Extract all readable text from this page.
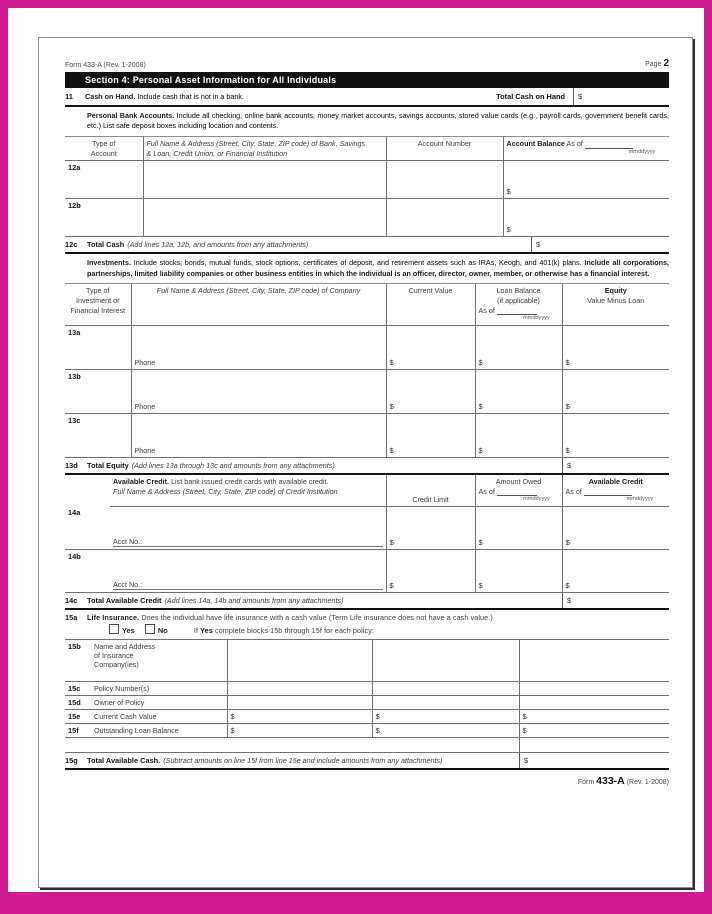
Form 433-A (Rev. 1-2008)	Page 2
Section 4: Personal Asset Information for All Individuals
11	Cash on Hand. Include cash that is not in a bank.	Total Cash on Hand	$
Personal Bank Accounts. Include all checking, online bank accounts, money market accounts, savings accounts, stored value cards (e.g., payroll cards, government benefit cards, etc.) List safe deposit boxes including location and contents.
Type of
Account	Full Name & Address (Street, City, State, ZIP code) of Bank, Savings
& Loan, Credit Union, or Financial Institution	Account Number	Account Balance As of
mmddyyyy

12a			$
12b			$
12c	Total Cash (Add lines 12a, 12b, and amounts from any attachments)	$
Investments. Include stocks, bonds, mutual funds, stock options, certificates of deposit, and retirement assets such as IRAs, Keogh, and 401(k) plans. Include all corporations, partnerships, limited liability companies or other business entities in which the individual is an officer, director, owner, member, or otherwise has a financial interest.
Type of
Investment or
Financial Interest	Full Name & Address (Street, City, State, ZIP code) of Company	Current Value	Loan Balance
(if applicable)
As of
mmddyyyy	Equity
Value Minus Loan

13a	Phone	$	$	$
13b	Phone	$	$	$
13c	Phone	$	$	$
13d	Total Equity (Add lines 13a through 13c and amounts from any attachments)	$

	Available Credit. List bank issued credit cards with available credit.
Full Name & Address (Street, City, State, ZIP code) of Credit Institution	Credit Limit	Amount Owed
As of
mmddyyyy	Available Credit
As of
mmddyyyy

14a	Acct No.:	$	$	$
14b	Acct No.:	$	$	$
14c	Total Available Credit (Add lines 14a, 14b and amounts from any attachments)	$
15a	Life Insurance. Does the individual have life insurance with a cash value (Term Life insurance does not have a cash value.)
Yes	No	If Yes complete blocks 15b through 15f for each policy:
15b	Name and Address
of Insurance
Company(ies)			
15c	Policy Number(s)			
15d	Owner of Policy			
15e	Current Cash Value	$	$	$
15f	Outstanding Loan Balance	$	$	$

15g	Total Available Cash. (Subtract amounts on line 15f from line 15e and include amounts from any attachments)	$
Form 433-A (Rev. 1-2008)
